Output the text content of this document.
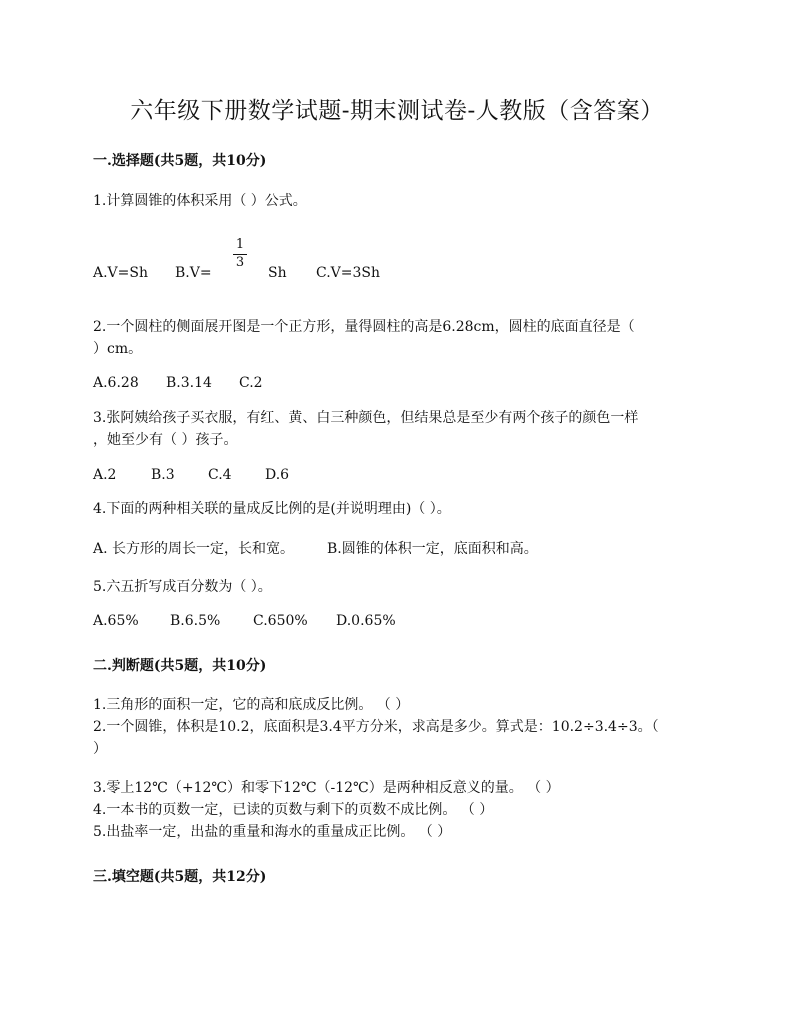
六年级下册数学试题-期末测试卷-人教版（含答案）
一.选择题(共5题，共10分)
1.计算圆锥的体积采用（ ）公式。
A.V=Sh B.V=
1
3
Sh C.V=3Sh
2.一个圆柱的侧面展开图是一个正方形，量得圆柱的高是6.28cm，圆柱的底面直径是（
）cm。
A.6.28 B.3.14 C.2
3.张阿姨给孩子买衣服，有红、黄、白三种颜色，但结果总是至少有两个孩子的颜色一样
，她至少有（ ）孩子。
A.2 B.3 C.4 D.6
4.下面的两种相关联的量成反比例的是(并说明理由)（ ）。
A. 长方形的周长一定，长和宽。 B.圆锥的体积一定，底面积和高。
5.六五折写成百分数为（ ）。
A.65% B.6.5% C.650% D.0.65%
二.判断题(共5题，共10分)
1.三角形的面积一定，它的高和底成反比例。 （ ）
2.一个圆锥，体积是10.2，底面积是3.4平方分米，求高是多少。算式是：10.2÷3.4÷3。（
）
3.零上12℃（+12℃）和零下12℃（-12℃）是两种相反意义的量。 （ ）
4.一本书的页数一定，已读的页数与剩下的页数不成比例。 （ ）
5.出盐率一定，出盐的重量和海水的重量成正比例。 （ ）
三.填空题(共5题，共12分)
